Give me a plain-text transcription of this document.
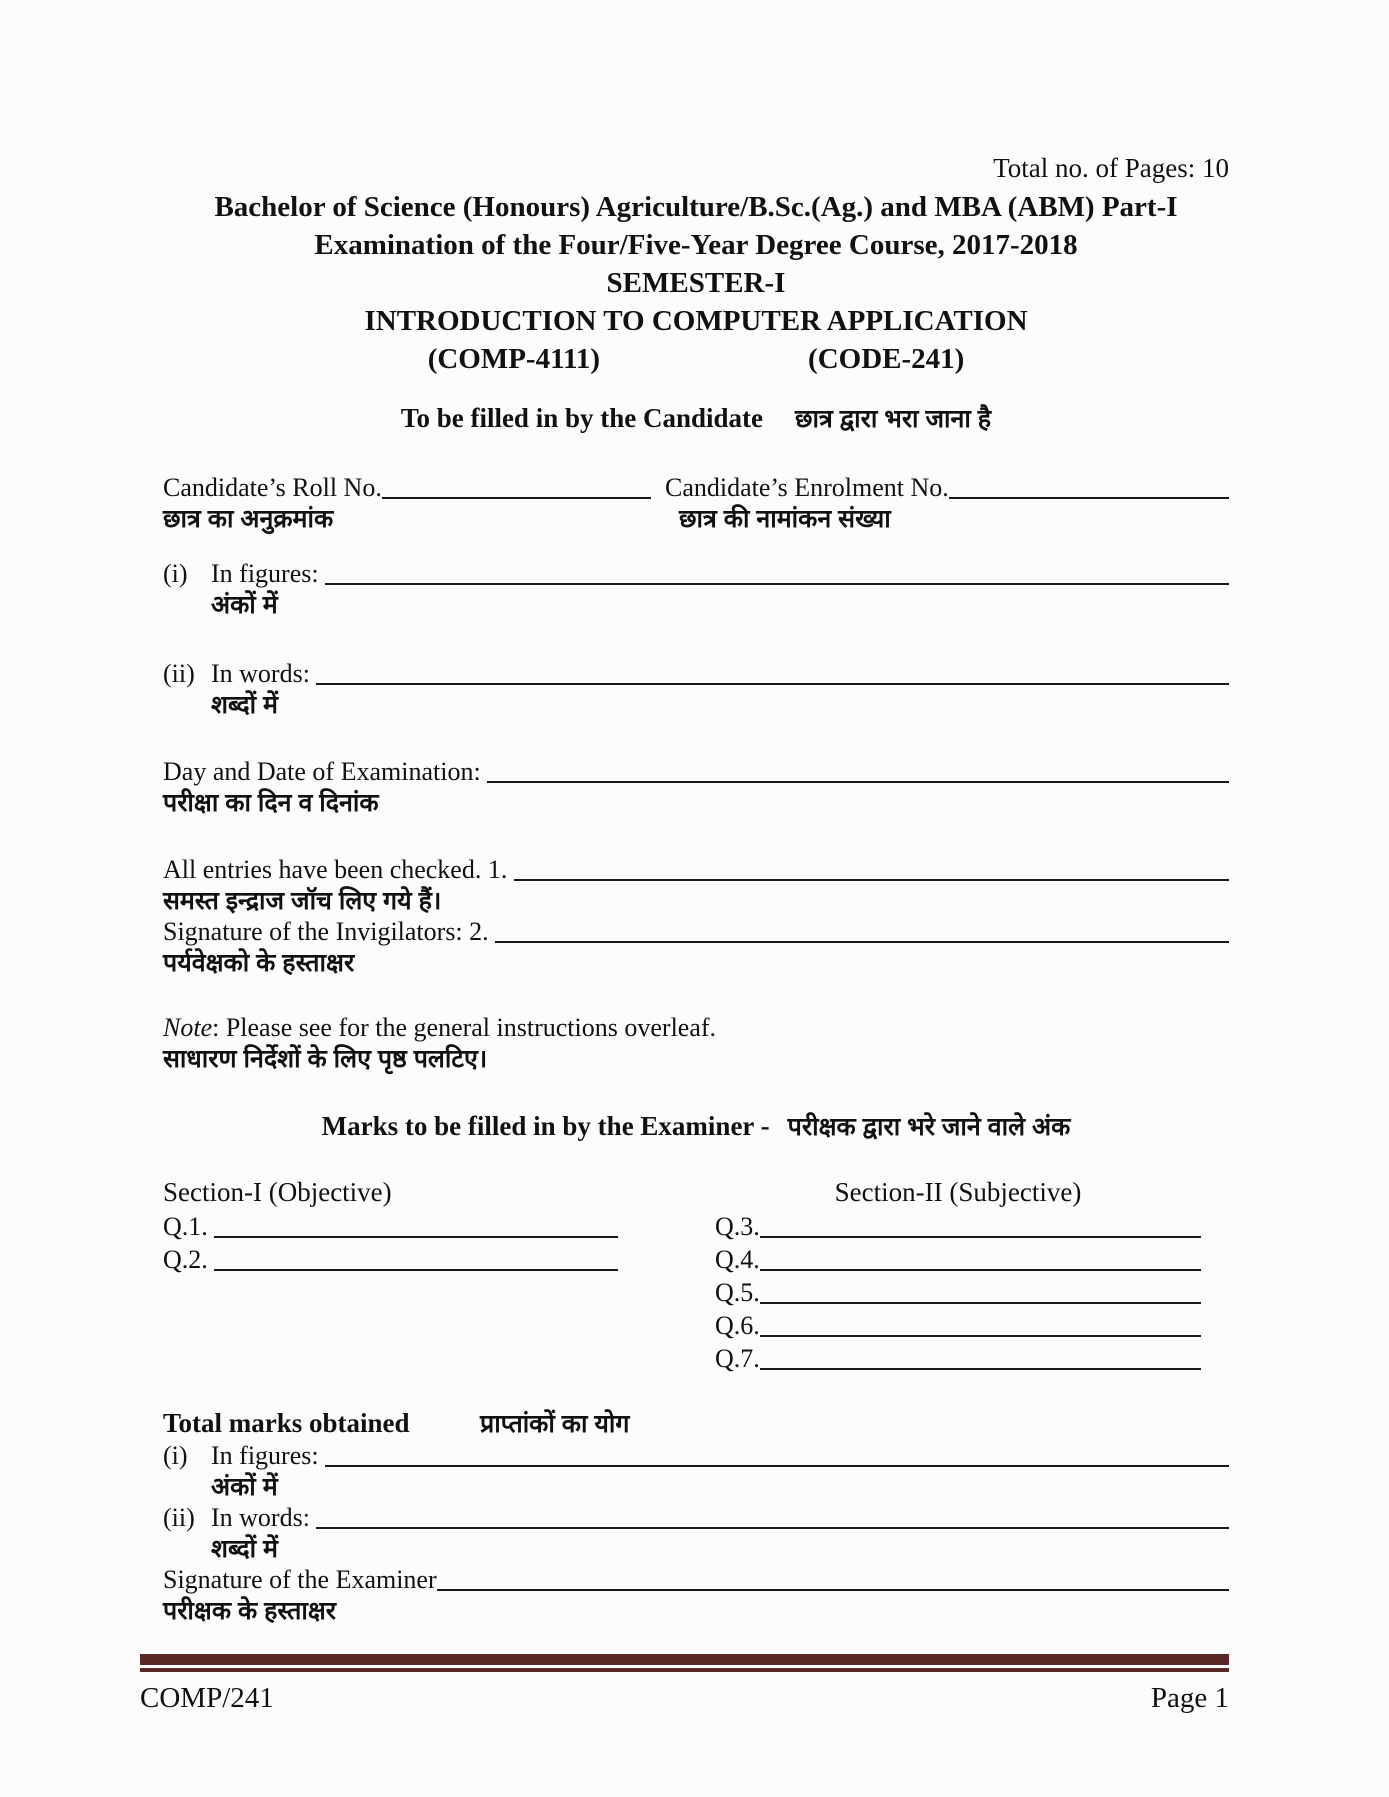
Total no. of Pages: 10
Bachelor of Science (Honours) Agriculture/B.Sc.(Ag.) and MBA (ABM) Part-I
Examination of the Four/Five-Year Degree Course, 2017-2018
SEMESTER-I
INTRODUCTION TO COMPUTER APPLICATION
(COMP-4111)	(CODE-241)
To be filled in by the Candidate छात्र द्वारा भरा जाना है
Candidate’s Roll No.	Candidate’s Enrolment No.
छात्र का अनुक्रमांक	छात्र की नामांकन संख्या
(i) In figures:
अंकों में
(ii) In words:
शब्दों में
Day and Date of Examination:
परीक्षा का दिन व दिनांक
All entries have been checked. 1.
समस्त इन्द्राज जॉच लिए गये हैं।
Signature of the Invigilators: 2.
पर्यवेक्षको के हस्ताक्षर
Note: Please see for the general instructions overleaf.
साधारण निर्देशों के लिए पृष्ठ पलटिए।
Marks to be filled in by the Examiner - परीक्षक द्वारा भरे जाने वाले अंक
Section-I (Objective)
Q.1.
Q.2.
Section-II (Subjective)
Q.3.
Q.4.
Q.5.
Q.6.
Q.7.
Total marks obtained	प्राप्तांकों का योग
(i) In figures:
अंकों में
(ii) In words:
शब्दों में
Signature of the Examiner
परीक्षक के हस्ताक्षर
COMP/241	Page 1
